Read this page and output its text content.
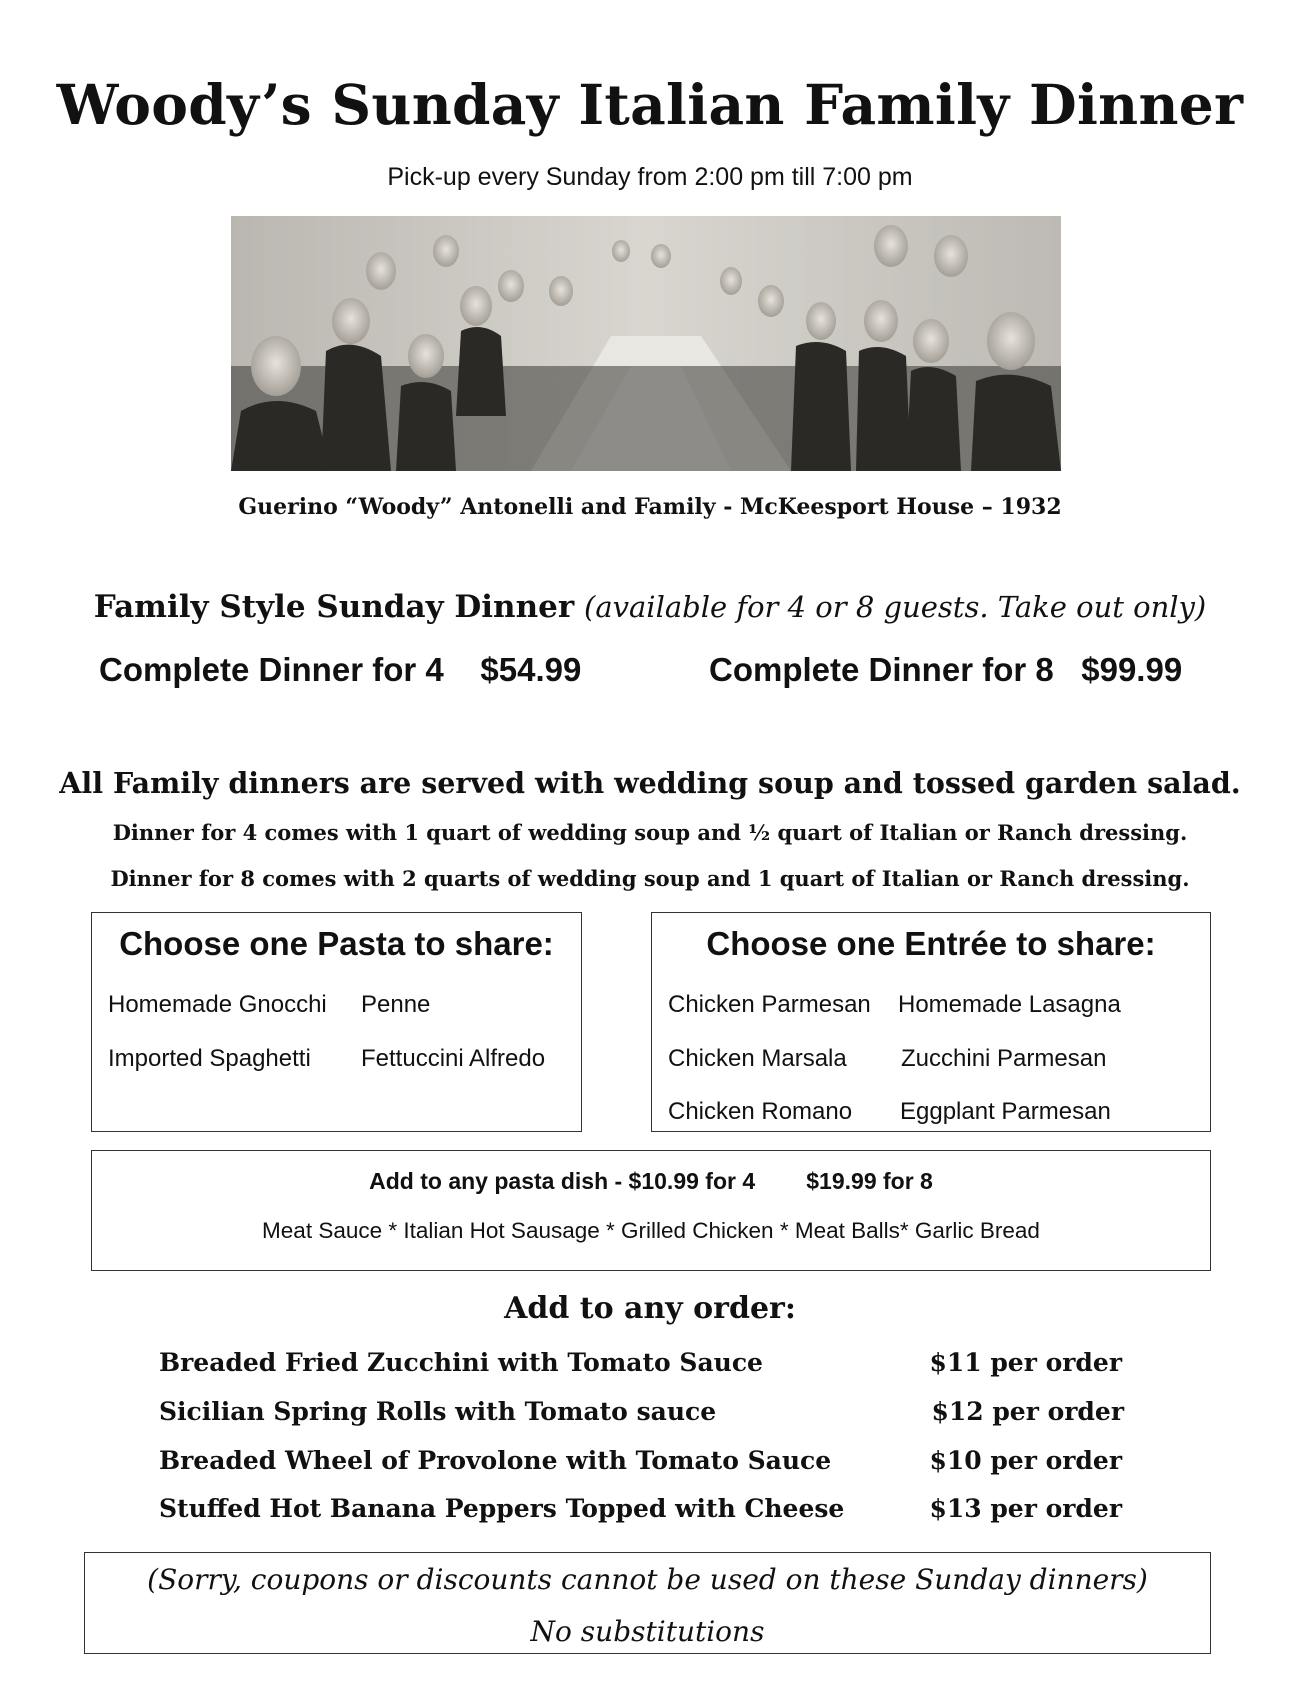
Woody’s Sunday Italian Family Dinner
Pick-up every Sunday from 2:00 pm till 7:00 pm
Guerino “Woody” Antonelli and Family - McKeesport House – 1932
Family Style Sunday Dinner (available for 4 or 8 guests. Take out only)
Complete Dinner for 4 $54.99	Complete Dinner for 8 $99.99
All Family dinners are served with wedding soup and tossed garden salad.
Dinner for 4 comes with 1 quart of wedding soup and ½ quart of Italian or Ranch dressing.
Dinner for 8 comes with 2 quarts of wedding soup and 1 quart of Italian or Ranch dressing.
Choose one Pasta to share:
Homemade Gnocchi Penne
Imported Spaghetti Fettuccini Alfredo
Choose one Entrée to share:
Chicken Parmesan Homemade Lasagna
Chicken Marsala Zucchini Parmesan
Chicken Romano Eggplant Parmesan
Add to any pasta dish - $10.99 for 4 $19.99 for 8
Meat Sauce * Italian Hot Sausage * Grilled Chicken * Meat Balls* Garlic Bread
Add to any order:
Breaded Fried Zucchini with Tomato Sauce	$11 per order
Sicilian Spring Rolls with Tomato sauce	$12 per order
Breaded Wheel of Provolone with Tomato Sauce	$10 per order
Stuffed Hot Banana Peppers Topped with Cheese	$13 per order
(Sorry, coupons or discounts cannot be used on these Sunday dinners)
No substitutions
